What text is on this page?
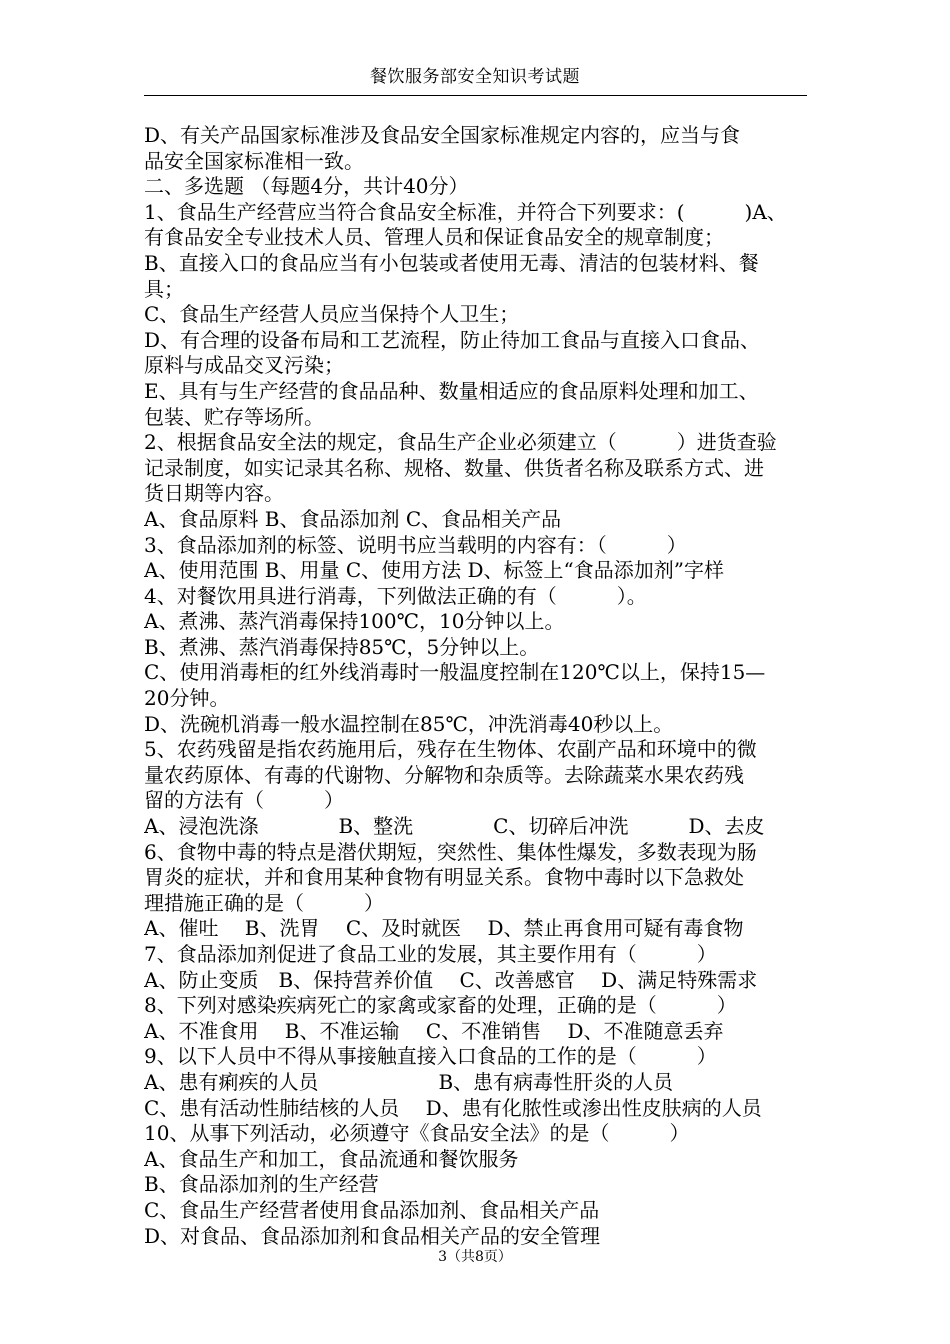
餐饮服务部安全知识考试题
D、有关产品国家标准涉及食品安全国家标准规定内容的，应当与食
品安全国家标准相一致。
二、多选题 （每题4分，共计40分）
1、食品生产经营应当符合食品安全标准，并符合下列要求：(　　　)A、
有食品安全专业技术人员、管理人员和保证食品安全的规章制度；
B、直接入口的食品应当有小包装或者使用无毒、清洁的包装材料、餐
具；
C、食品生产经营人员应当保持个人卫生；
D、有合理的设备布局和工艺流程，防止待加工食品与直接入口食品、
原料与成品交叉污染；
E、具有与生产经营的食品品种、数量相适应的食品原料处理和加工、
包装、贮存等场所。
2、根据食品安全法的规定，食品生产企业必须建立（　　　）进货查验
记录制度，如实记录其名称、规格、数量、供货者名称及联系方式、进
货日期等内容。
A、食品原料 B、食品添加剂 C、食品相关产品
3、食品添加剂的标签、说明书应当载明的内容有：（　　　）
A、使用范围 B、用量 C、使用方法 D、标签上“食品添加剂”字样
4、对餐饮用具进行消毒，下列做法正确的有（　　　）。
A、煮沸、蒸汽消毒保持100℃，10分钟以上。
B、煮沸、蒸汽消毒保持85℃，5分钟以上。
C、使用消毒柜的红外线消毒时一般温度控制在120℃以上，保持15—
20分钟。
D、洗碗机消毒一般水温控制在85℃，冲洗消毒40秒以上。
5、农药残留是指农药施用后，残存在生物体、农副产品和环境中的微
量农药原体、有毒的代谢物、分解物和杂质等。去除蔬菜水果农药残
留的方法有（　　　）
A、浸泡洗涤　　　　B、整洗　　　　C、切碎后冲洗　　　D、去皮
6、食物中毒的特点是潜伏期短，突然性、集体性爆发，多数表现为肠
胃炎的症状，并和食用某种食物有明显关系。食物中毒时以下急救处
理措施正确的是（　　　）
A、催吐　 B、洗胃　 C、及时就医　 D、禁止再食用可疑有毒食物
7、食品添加剂促进了食品工业的发展，其主要作用有（　　　）
A、防止变质　B、保持营养价值　 C、改善感官　 D、满足特殊需求
8、下列对感染疾病死亡的家禽或家畜的处理，正确的是（　　　）
A、不准食用　 B、不准运输　 C、不准销售　 D、不准随意丢弃
9、以下人员中不得从事接触直接入口食品的工作的是（　　　）
A、患有痢疾的人员　　　　　　B、患有病毒性肝炎的人员
C、患有活动性肺结核的人员　 D、患有化脓性或渗出性皮肤病的人员
10、从事下列活动，必须遵守《食品安全法》的是（　　　）
A、食品生产和加工，食品流通和餐饮服务
B、食品添加剂的生产经营
C、食品生产经营者使用食品添加剂、食品相关产品
D、对食品、食品添加剂和食品相关产品的安全管理
3（共8页）
